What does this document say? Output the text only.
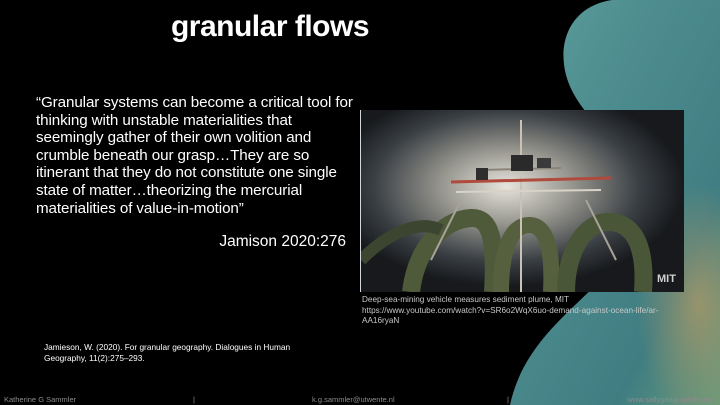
granular flows
“Granular systems can become a critical tool for thinking with unstable materialities that seemingly gather of their own volition and crumble beneath our grasp…They are so itinerant that they do not constitute one single state of matter…theorizing the mercurial materialities of value-in-motion”
Jamison 2020:276
MIT
Deep-sea-mining vehicle measures sediment plume, MIT
https://www.youtube.com/watch?v=SR6o2WqX6uo-demand-against-ocean-life/ar-AA16ryaN
Jamieson, W. (2020). For granular geography. Dialogues in Human Geography, 11(2):275–293.
Katherine G Sammler	|	k.g.sammler@utwente.nl	|	www.sallygeographies.net
